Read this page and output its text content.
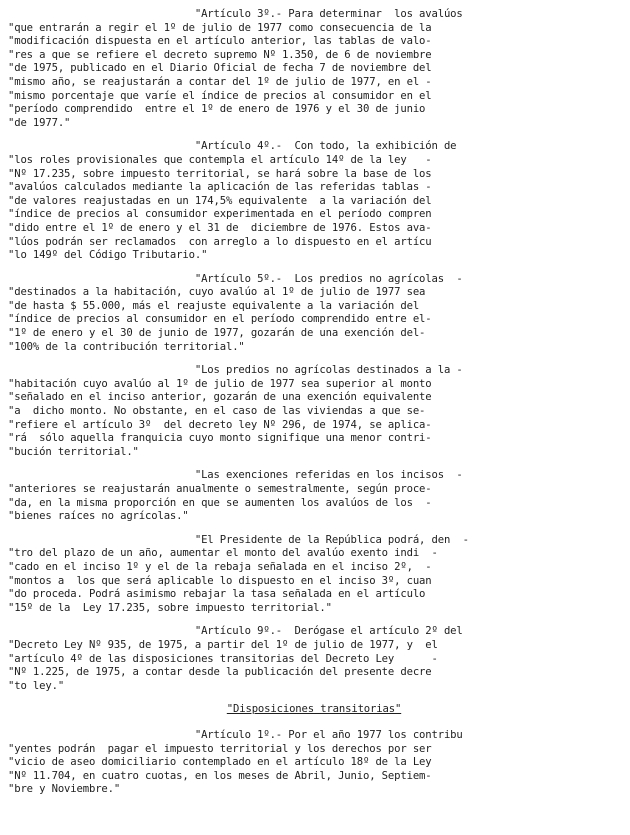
"Artículo 3º.- Para determinar  los avalúos
"que entrarán a regir el 1º de julio de 1977 como consecuencia de la
"modificación dispuesta en el artículo anterior, las tablas de valo-
"res a que se refiere el decreto supremo Nº 1.350, de 6 de noviembre
"de 1975, publicado en el Diario Oficial de fecha 7 de noviembre del
"mismo año, se reajustarán a contar del 1º de julio de 1977, en el -
"mismo porcentaje que varíe el índice de precios al consumidor en el
"período comprendido  entre el 1º de enero de 1976 y el 30 de junio
"de 1977."
"Artículo 4º.-  Con todo, la exhibición de
"los roles provisionales que contempla el artículo 14º de la ley   -
"Nº 17.235, sobre impuesto territorial, se hará sobre la base de los
"avalúos calculados mediante la aplicación de las referidas tablas -
"de valores reajustadas en un 174,5% equivalente  a la variación del
"índice de precios al consumidor experimentada en el período compren
"dido entre el 1º de enero y el 31 de  diciembre de 1976. Estos ava-
"lúos podrán ser reclamados  con arreglo a lo dispuesto en el artícu
"lo 149º del Código Tributario."
"Artículo 5º.-  Los predios no agrícolas  -
"destinados a la habitación, cuyo avalúo al 1º de julio de 1977 sea
"de hasta $ 55.000, más el reajuste equivalente a la variación del
"índice de precios al consumidor en el período comprendido entre el-
"1º de enero y el 30 de junio de 1977, gozarán de una exención del-
"100% de la contribución territorial."
"Los predios no agrícolas destinados a la -
"habitación cuyo avalúo al 1º de julio de 1977 sea superior al monto
"señalado en el inciso anterior, gozarán de una exención equivalente
"a  dicho monto. No obstante, en el caso de las viviendas a que se-
"refiere el artículo 3º  del decreto ley Nº 296, de 1974, se aplica-
"rá  sólo aquella franquicia cuyo monto signifique una menor contri-
"bución territorial."
"Las exenciones referidas en los incisos  -
"anteriores se reajustarán anualmente o semestralmente, según proce-
"da, en la misma proporción en que se aumenten los avalúos de los  -
"bienes raíces no agrícolas."
"El Presidente de la República podrá, den  -
"tro del plazo de un año, aumentar el monto del avalúo exento indi  -
"cado en el inciso 1º y el de la rebaja señalada en el inciso 2º,  -
"montos a  los que será aplicable lo dispuesto en el inciso 3º, cuan
"do proceda. Podrá asimismo rebajar la tasa señalada en el artículo
"15º de la  Ley 17.235, sobre impuesto territorial."
"Artículo 9º.-  Derógase el artículo 2º del
"Decreto Ley Nº 935, de 1975, a partir del 1º de julio de 1977, y  el
"artículo 4º de las disposiciones transitorias del Decreto Ley      -
"Nº 1.225, de 1975, a contar desde la publicación del presente decre
"to ley."
"Disposiciones transitorias"
"Artículo 1º.- Por el año 1977 los contribu
"yentes podrán  pagar el impuesto territorial y los derechos por ser
"vicio de aseo domiciliario contemplado en el artículo 18º de la Ley
"Nº 11.704, en cuatro cuotas, en los meses de Abril, Junio, Septiem-
"bre y Noviembre."
